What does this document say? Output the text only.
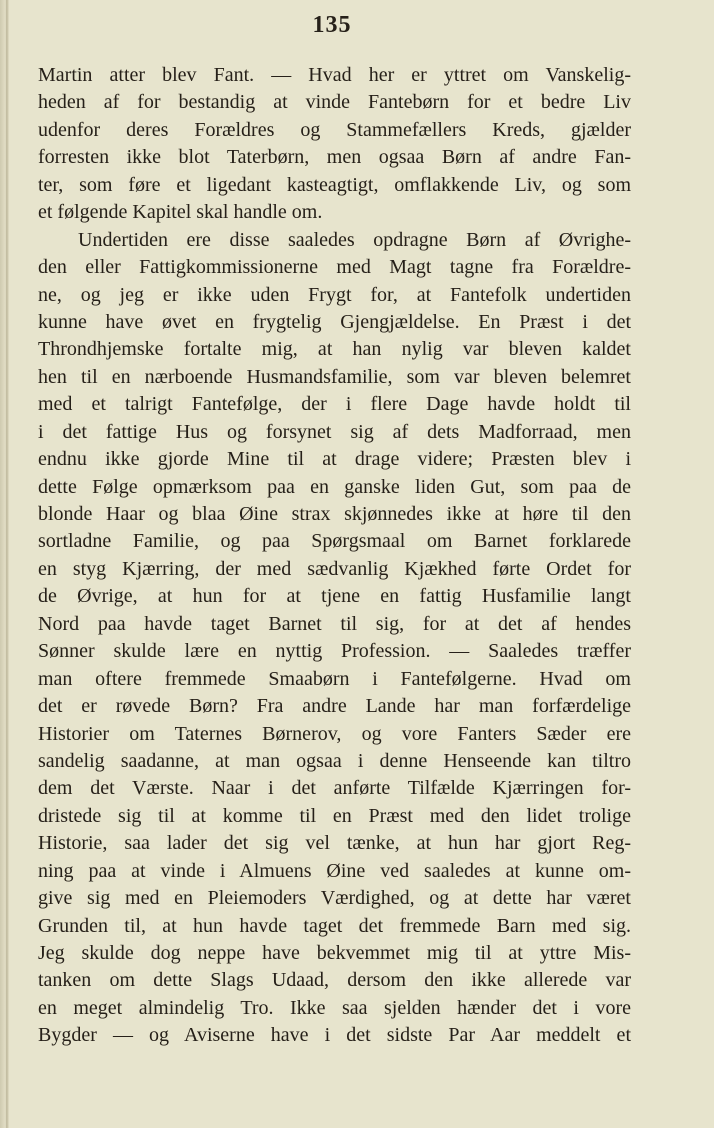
135
Martin atter blev Fant. — Hvad her er yttret om Vanskelig-
heden af for bestandig at vinde Fantebørn for et bedre Liv
udenfor deres Forældres og Stammefællers Kreds, gjælder
forresten ikke blot Taterbørn, men ogsaa Børn af andre Fan-
ter, som føre et ligedant kasteagtigt, omflakkende Liv, og som
et følgende Kapitel skal handle om.
Undertiden ere disse saaledes opdragne Børn af Øvrighe-
den eller Fattigkommissionerne med Magt tagne fra Forældre-
ne, og jeg er ikke uden Frygt for, at Fantefolk undertiden
kunne have øvet en frygtelig Gjengjældelse. En Præst i det
Throndhjemske fortalte mig, at han nylig var bleven kaldet
hen til en nærboende Husmandsfamilie, som var bleven belemret
med et talrigt Fantefølge, der i flere Dage havde holdt til
i det fattige Hus og forsynet sig af dets Madforraad, men
endnu ikke gjorde Mine til at drage videre; Præsten blev i
dette Følge opmærksom paa en ganske liden Gut, som paa de
blonde Haar og blaa Øine strax skjønnedes ikke at høre til den
sortladne Familie, og paa Spørgsmaal om Barnet forklarede
en styg Kjærring, der med sædvanlig Kjækhed førte Ordet for
de Øvrige, at hun for at tjene en fattig Husfamilie langt
Nord paa havde taget Barnet til sig, for at det af hendes
Sønner skulde lære en nyttig Profession. — Saaledes træffer
man oftere fremmede Smaabørn i Fantefølgerne. Hvad om
det er røvede Børn? Fra andre Lande har man forfærdelige
Historier om Taternes Børnerov, og vore Fanters Sæder ere
sandelig saadanne, at man ogsaa i denne Henseende kan tiltro
dem det Værste. Naar i det anførte Tilfælde Kjærringen for-
dristede sig til at komme til en Præst med den lidet trolige
Historie, saa lader det sig vel tænke, at hun har gjort Reg-
ning paa at vinde i Almuens Øine ved saaledes at kunne om-
give sig med en Pleiemoders Værdighed, og at dette har været
Grunden til, at hun havde taget det fremmede Barn med sig.
Jeg skulde dog neppe have bekvemmet mig til at yttre Mis-
tanken om dette Slags Udaad, dersom den ikke allerede var
en meget almindelig Tro. Ikke saa sjelden hænder det i vore
Bygder — og Aviserne have i det sidste Par Aar meddelt et
